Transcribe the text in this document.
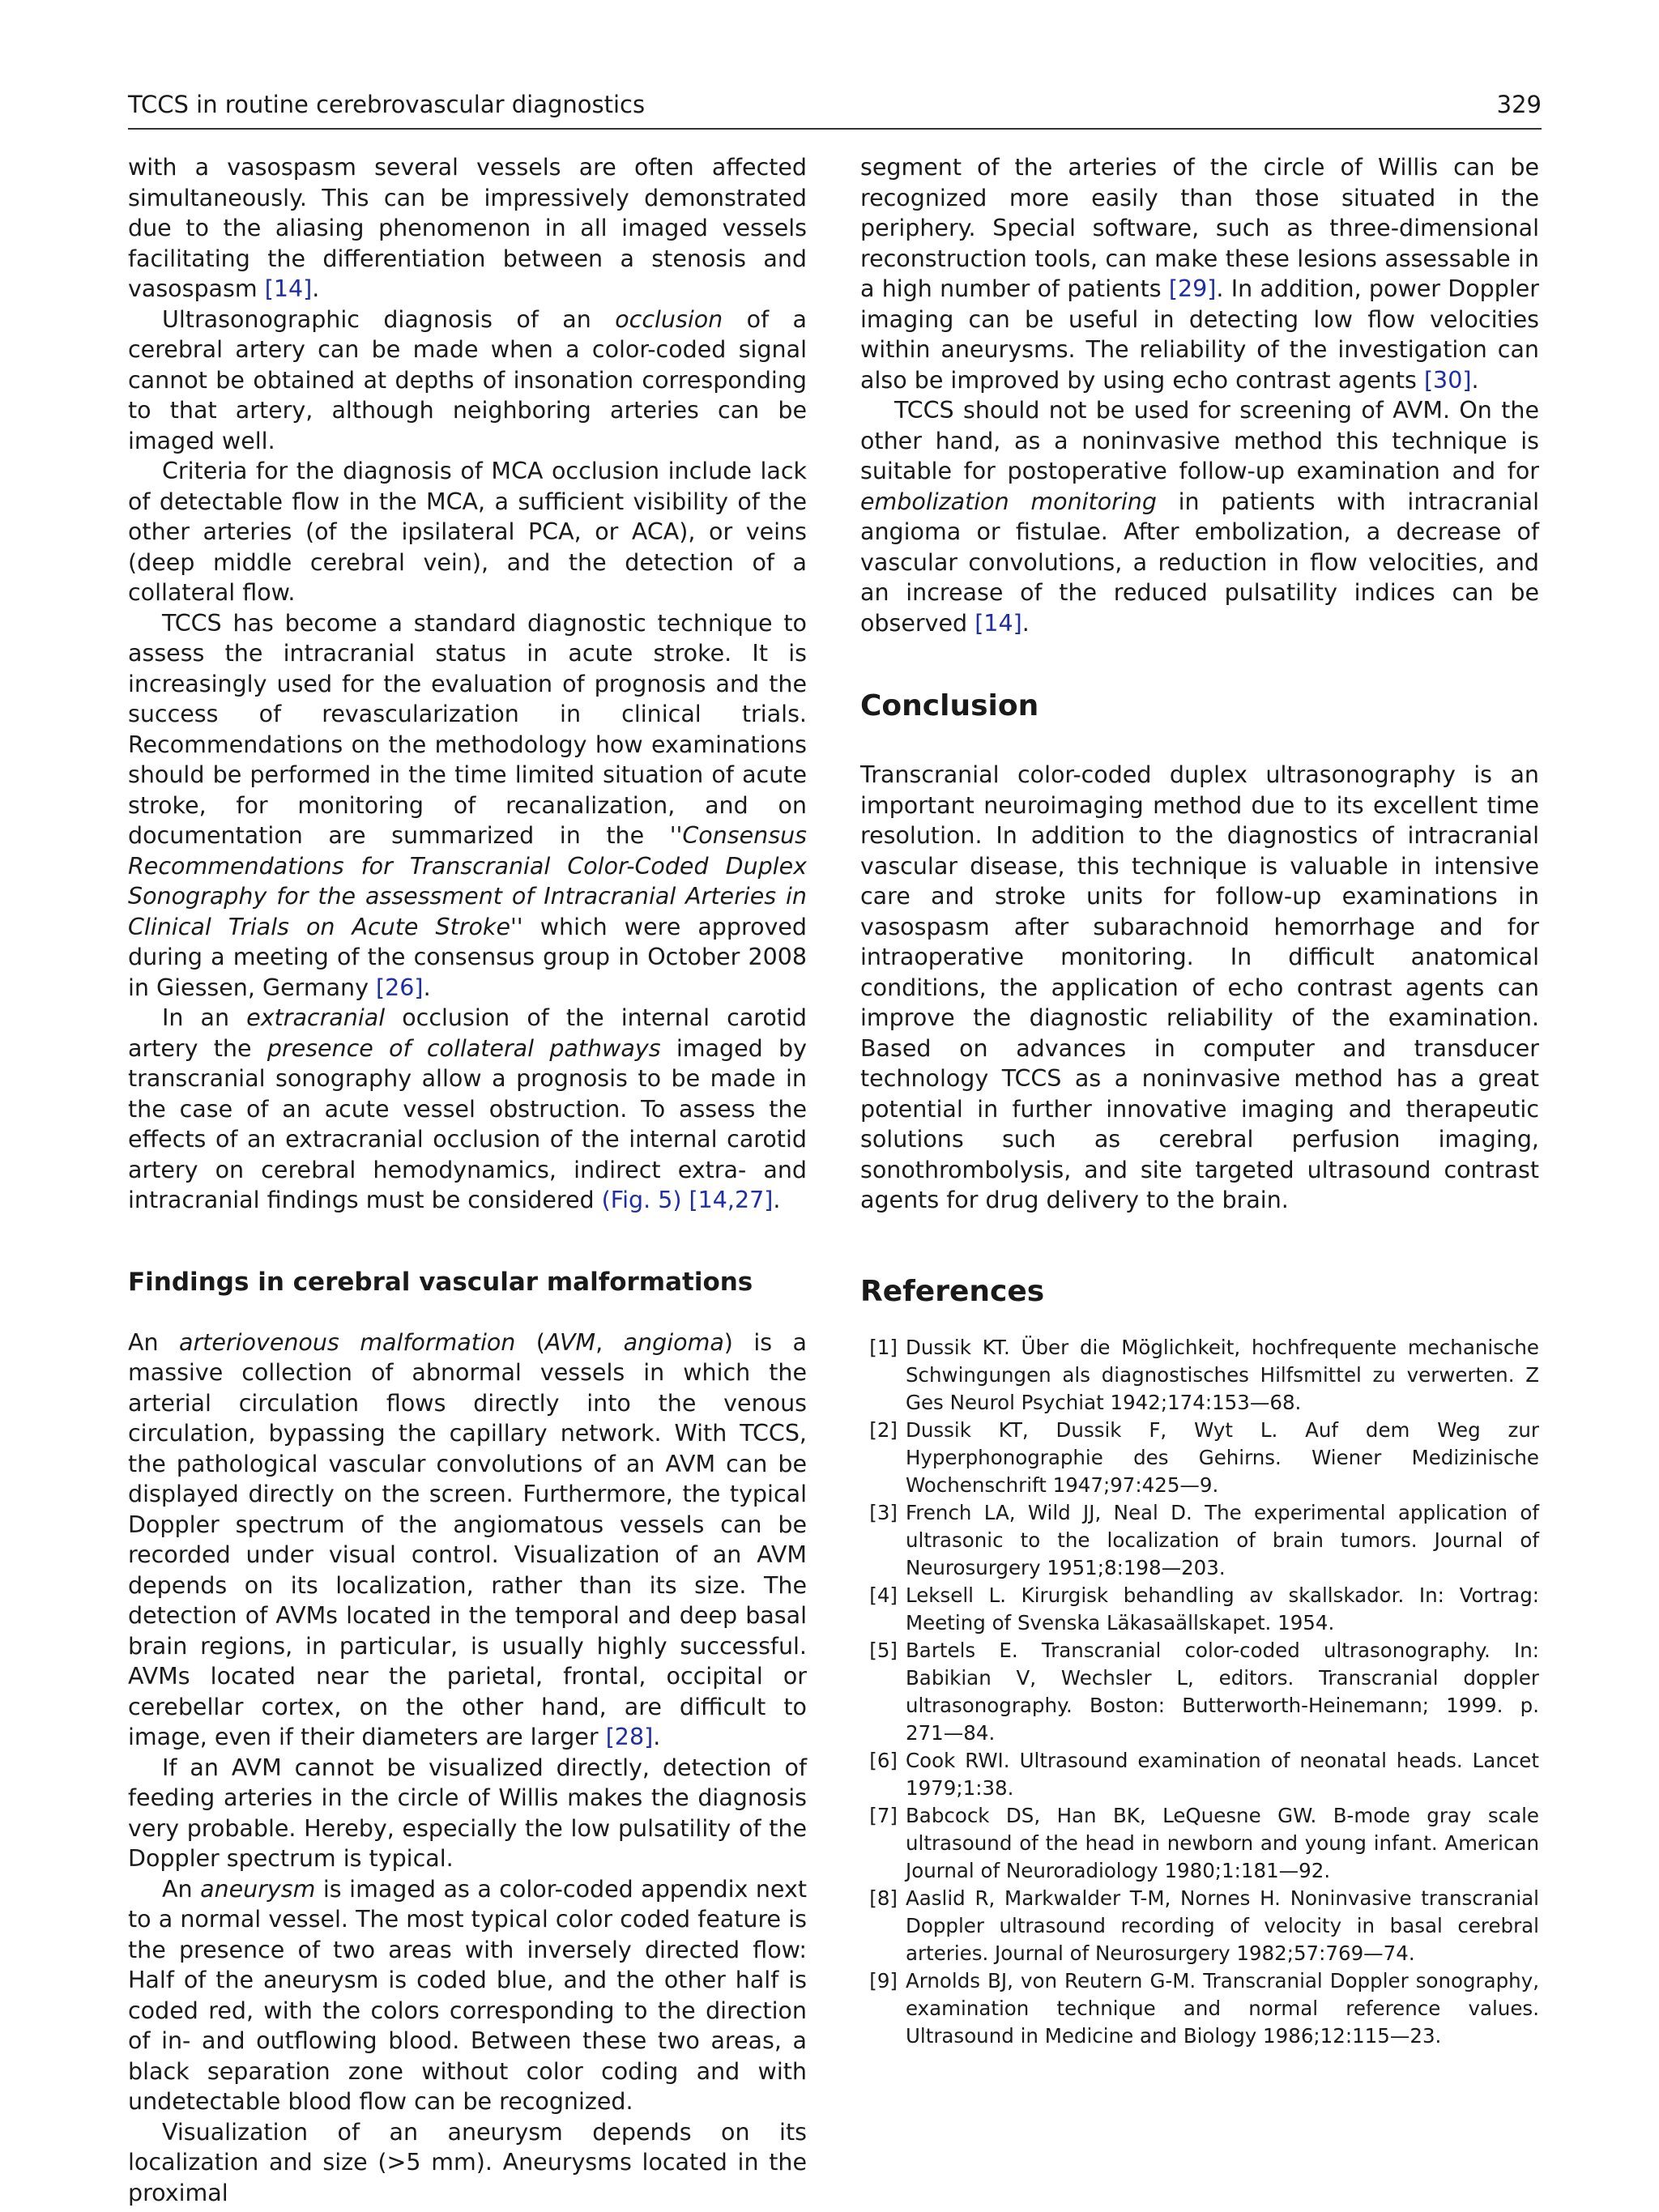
TCCS in routine cerebrovascular diagnostics	329

with a vasospasm several vessels are often affected simultaneously. This can be impressively demonstrated due to the aliasing phenomenon in all imaged vessels facilitating the differentiation between a stenosis and vasospasm [14].

Ultrasonographic diagnosis of an occlusion of a cerebral artery can be made when a color-coded signal cannot be obtained at depths of insonation corresponding to that artery, although neighboring arteries can be imaged well.

Criteria for the diagnosis of MCA occlusion include lack of detectable flow in the MCA, a sufficient visibility of the other arteries (of the ipsilateral PCA, or ACA), or veins (deep middle cerebral vein), and the detection of a collateral flow.

TCCS has become a standard diagnostic technique to assess the intracranial status in acute stroke. It is increasingly used for the evaluation of prognosis and the success of revascularization in clinical trials. Recommendations on the methodology how examinations should be performed in the time limited situation of acute stroke, for monitoring of recanalization, and on documentation are summarized in the ''Consensus Recommendations for Transcranial Color-Coded Duplex Sonography for the assessment of Intracranial Arteries in Clinical Trials on Acute Stroke'' which were approved during a meeting of the consensus group in October 2008 in Giessen, Germany [26].

In an extracranial occlusion of the internal carotid artery the presence of collateral pathways imaged by transcranial sonography allow a prognosis to be made in the case of an acute vessel obstruction. To assess the effects of an extracranial occlusion of the internal carotid artery on cerebral hemodynamics, indirect extra- and intracranial findings must be considered (Fig. 5) [14,27].

Findings in cerebral vascular malformations

An arteriovenous malformation (AVM, angioma) is a massive collection of abnormal vessels in which the arterial circulation flows directly into the venous circulation, bypassing the capillary network. With TCCS, the pathological vascular convolutions of an AVM can be displayed directly on the screen. Furthermore, the typical Doppler spectrum of the angiomatous vessels can be recorded under visual control. Visualization of an AVM depends on its localization, rather than its size. The detection of AVMs located in the temporal and deep basal brain regions, in particular, is usually highly successful. AVMs located near the parietal, frontal, occipital or cerebellar cortex, on the other hand, are difficult to image, even if their diameters are larger [28].

If an AVM cannot be visualized directly, detection of feeding arteries in the circle of Willis makes the diagnosis very probable. Hereby, especially the low pulsatility of the Doppler spectrum is typical.

An aneurysm is imaged as a color-coded appendix next to a normal vessel. The most typical color coded feature is the presence of two areas with inversely directed flow: Half of the aneurysm is coded blue, and the other half is coded red, with the colors corresponding to the direction of in- and outflowing blood. Between these two areas, a black separation zone without color coding and with undetectable blood flow can be recognized.

Visualization of an aneurysm depends on its localization and size (>5 mm). Aneurysms located in the proximal

segment of the arteries of the circle of Willis can be recognized more easily than those situated in the periphery. Special software, such as three-dimensional reconstruction tools, can make these lesions assessable in a high number of patients [29]. In addition, power Doppler imaging can be useful in detecting low flow velocities within aneurysms. The reliability of the investigation can also be improved by using echo contrast agents [30].

TCCS should not be used for screening of AVM. On the other hand, as a noninvasive method this technique is suitable for postoperative follow-up examination and for embolization monitoring in patients with intracranial angioma or fistulae. After embolization, a decrease of vascular convolutions, a reduction in flow velocities, and an increase of the reduced pulsatility indices can be observed [14].

Conclusion

Transcranial color-coded duplex ultrasonography is an important neuroimaging method due to its excellent time resolution. In addition to the diagnostics of intracranial vascular disease, this technique is valuable in intensive care and stroke units for follow-up examinations in vasospasm after subarachnoid hemorrhage and for intraoperative monitoring. In difficult anatomical conditions, the application of echo contrast agents can improve the diagnostic reliability of the examination. Based on advances in computer and transducer technology TCCS as a noninvasive method has a great potential in further innovative imaging and therapeutic solutions such as cerebral perfusion imaging, sonothrombolysis, and site targeted ultrasound contrast agents for drug delivery to the brain.

References
[1] Dussik KT. Über die Möglichkeit, hochfrequente mechanische Schwingungen als diagnostisches Hilfsmittel zu verwerten. Z Ges Neurol Psychiat 1942;174:153—68.
[2] Dussik KT, Dussik F, Wyt L. Auf dem Weg zur Hyperphonographie des Gehirns. Wiener Medizinische Wochenschrift 1947;97:425—9.
[3] French LA, Wild JJ, Neal D. The experimental application of ultrasonic to the localization of brain tumors. Journal of Neurosurgery 1951;8:198—203.
[4] Leksell L. Kirurgisk behandling av skallskador. In: Vortrag: Meeting of Svenska Läkasaällskapet. 1954.
[5] Bartels E. Transcranial color-coded ultrasonography. In: Babikian V, Wechsler L, editors. Transcranial doppler ultrasonography. Boston: Butterworth-Heinemann; 1999. p. 271—84.
[6] Cook RWI. Ultrasound examination of neonatal heads. Lancet 1979;1:38.
[7] Babcock DS, Han BK, LeQuesne GW. B-mode gray scale ultrasound of the head in newborn and young infant. American Journal of Neuroradiology 1980;1:181—92.
[8] Aaslid R, Markwalder T-M, Nornes H. Noninvasive transcranial Doppler ultrasound recording of velocity in basal cerebral arteries. Journal of Neurosurgery 1982;57:769—74.
[9] Arnolds BJ, von Reutern G-M. Transcranial Doppler sonography, examination technique and normal reference values. Ultrasound in Medicine and Biology 1986;12:115—23.
